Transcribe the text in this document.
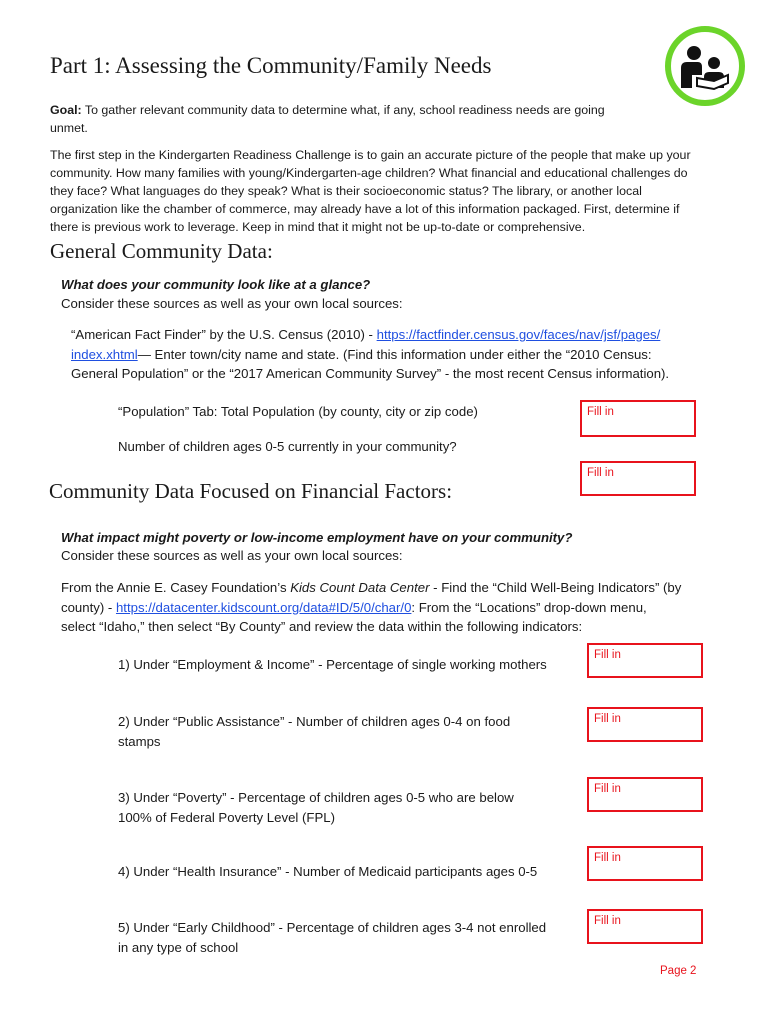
Part 1: Assessing the Community/Family Needs
Goal: To gather relevant community data to determine what, if any, school readiness needs are going
unmet.
The first step in the Kindergarten Readiness Challenge is to gain an accurate picture of the people that make up your
community. How many families with young/Kindergarten-age children? What financial and educational challenges do
they face? What languages do they speak? What is their socioeconomic status? The library, or another local
organization like the chamber of commerce, may already have a lot of this information packaged. First, determine if
there is previous work to leverage. Keep in mind that it might not be up-to-date or comprehensive.
General Community Data:
What does your community look like at a glance?
Consider these sources as well as your own local sources:
“American Fact Finder” by the U.S. Census (2010) - https://factfinder.census.gov/faces/nav/jsf/pages/
index.xhtml— Enter town/city name and state. (Find this information under either the “2010 Census:
General Population” or the “2017 American Community Survey” - the most recent Census information).
“Population” Tab: Total Population (by county, city or zip code)	Fill in
Number of children ages 0-5 currently in your community?
Fill in
Community Data Focused on Financial Factors:
What impact might poverty or low-income employment have on your community?
Consider these sources as well as your own local sources:
From the Annie E. Casey Foundation’s Kids Count Data Center - Find the “Child Well-Being Indicators” (by
county) - https://datacenter.kidscount.org/data#ID/5/0/char/0: From the “Locations” drop-down menu,
select “Idaho,” then select “By County” and review the data within the following indicators:
1) Under “Employment & Income” - Percentage of single working mothers
Fill in
2) Under “Public Assistance” - Number of children ages 0-4 on food
stamps
Fill in
3) Under “Poverty” - Percentage of children ages 0-5 who are below
100% of Federal Poverty Level (FPL)
Fill in
4) Under “Health Insurance” - Number of Medicaid participants ages 0-5
Fill in
5) Under “Early Childhood” - Percentage of children ages 3-4 not enrolled
in any type of school
Fill in
Page 2
